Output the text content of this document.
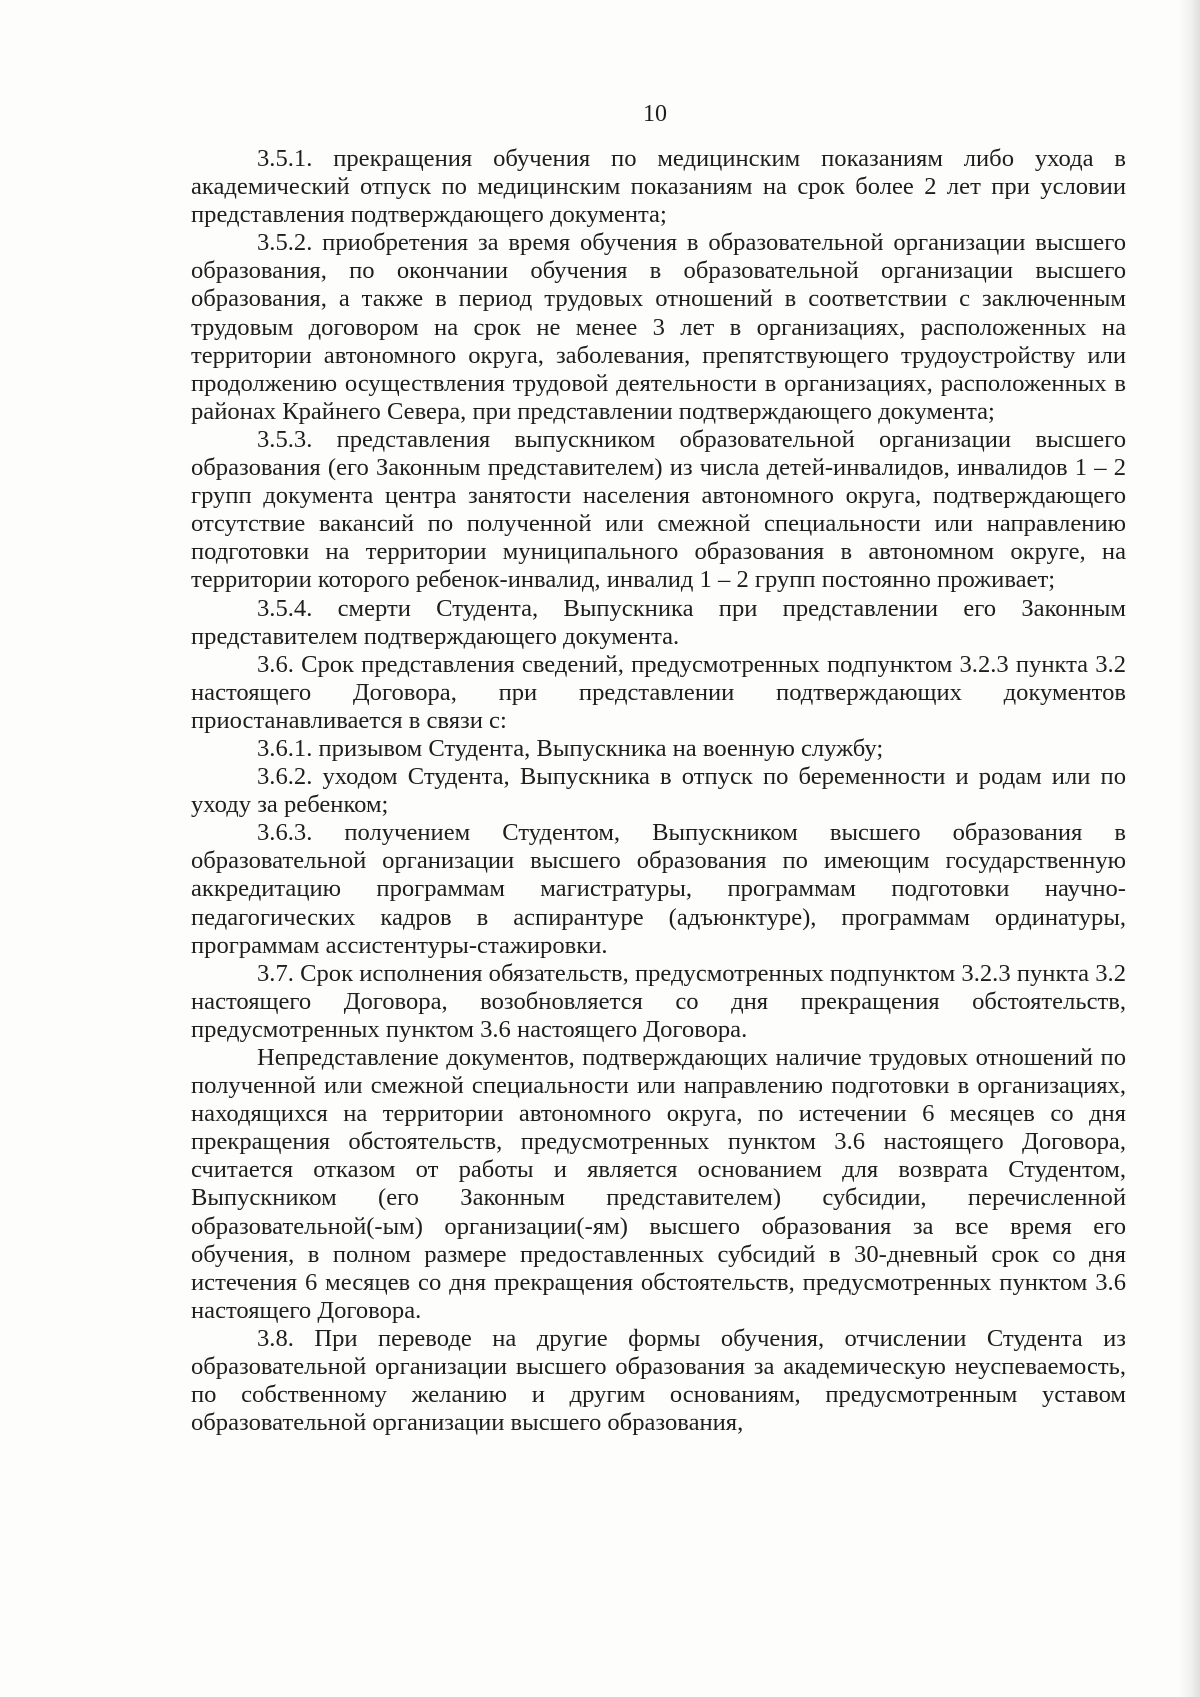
10

3.5.1. прекращения обучения по медицинским показаниям либо ухода в академический отпуск по медицинским показаниям на срок более 2 лет при условии представления подтверждающего документа;

3.5.2. приобретения за время обучения в образовательной организации высшего образования, по окончании обучения в образовательной организации высшего образования, а также в период трудовых отношений в соответствии с заключенным трудовым договором на срок не менее 3 лет в организациях, расположенных на территории автономного округа, заболевания, препятствующего трудоустройству или продолжению осуществления трудовой деятельности в организациях, расположенных в районах Крайнего Севера, при представлении подтверждающего документа;

3.5.3. представления выпускником образовательной организации высшего образования (его Законным представителем) из числа детей-инвалидов, инвалидов 1 – 2 групп документа центра занятости населения автономного округа, подтверждающего отсутствие вакансий по полученной или смежной специальности или направлению подготовки на территории муниципального образования в автономном округе, на территории которого ребенок-инвалид, инвалид 1 – 2 групп постоянно проживает;

3.5.4. смерти Студента, Выпускника при представлении его Законным представителем подтверждающего документа.

3.6. Срок представления сведений, предусмотренных подпунктом 3.2.3 пункта 3.2 настоящего Договора, при представлении подтверждающих документов приостанавливается в связи с:

3.6.1. призывом Студента, Выпускника на военную службу;

3.6.2. уходом Студента, Выпускника в отпуск по беременности и родам или по уходу за ребенком;

3.6.3. получением Студентом, Выпускником высшего образования в образовательной организации высшего образования по имеющим государственную аккредитацию программам магистратуры, программам подготовки научно-педагогических кадров в аспирантуре (адъюнктуре), программам ординатуры, программам ассистентуры-стажировки.

3.7. Срок исполнения обязательств, предусмотренных подпунктом 3.2.3 пункта 3.2 настоящего Договора, возобновляется со дня прекращения обстоятельств, предусмотренных пунктом 3.6 настоящего Договора.

Непредставление документов, подтверждающих наличие трудовых отношений по полученной или смежной специальности или направлению подготовки в организациях, находящихся на территории автономного округа, по истечении 6 месяцев со дня прекращения обстоятельств, предусмотренных пунктом 3.6 настоящего Договора, считается отказом от работы и является основанием для возврата Студентом, Выпускником (его Законным представителем) субсидии, перечисленной образовательной(-ым) организации(-ям) высшего образования за все время его обучения, в полном размере предоставленных субсидий в 30-дневный срок со дня истечения 6 месяцев со дня прекращения обстоятельств, предусмотренных пунктом 3.6 настоящего Договора.

3.8. При переводе на другие формы обучения, отчислении Студента из образовательной организации высшего образования за академическую неуспеваемость, по собственному желанию и другим основаниям, предусмотренным уставом образовательной организации высшего образования,
